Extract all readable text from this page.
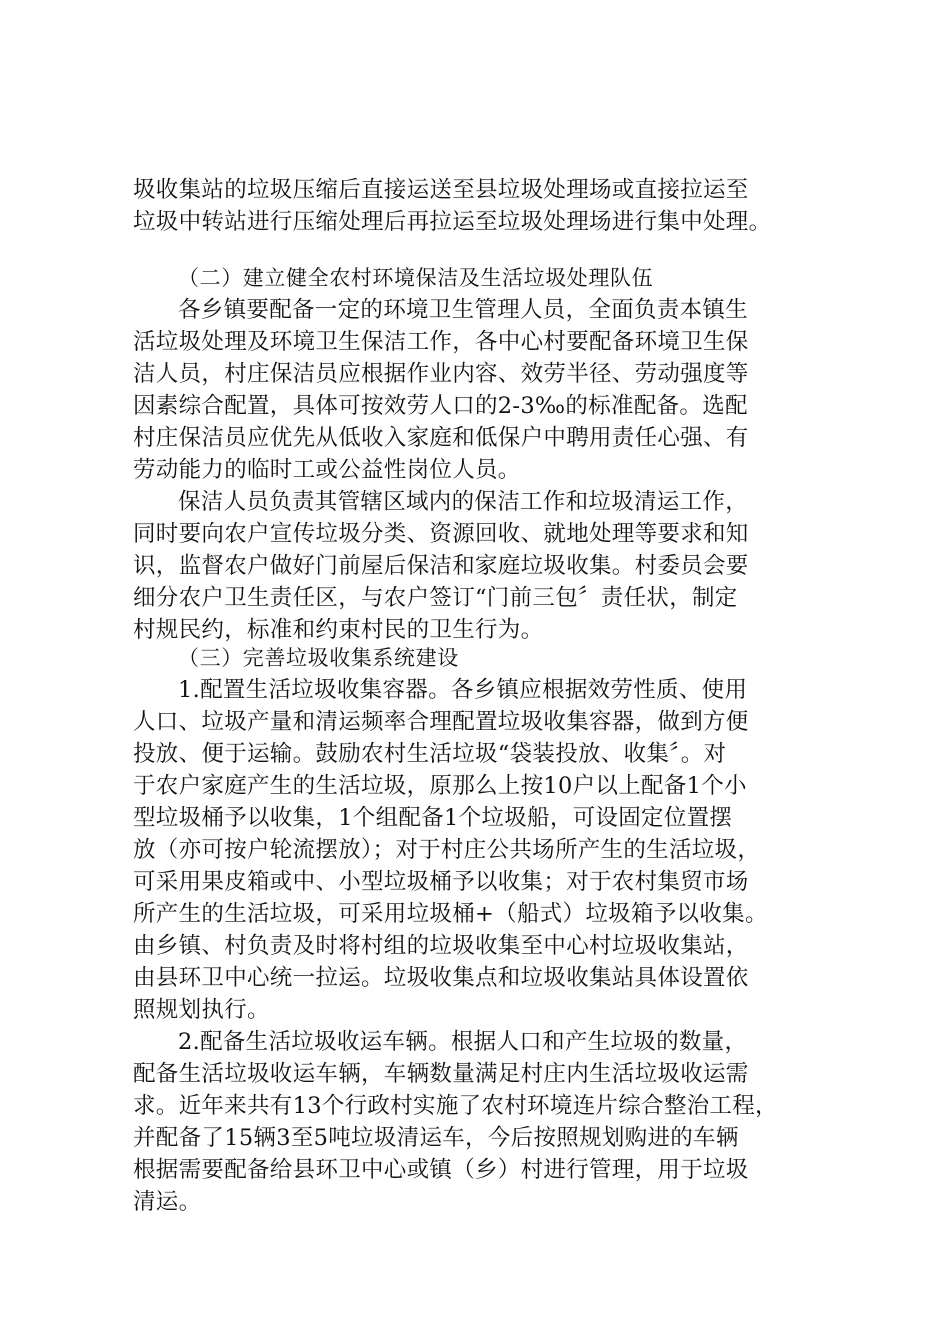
圾收集站的垃圾压缩后直接运送至县垃圾处理场或直接拉运至
垃圾中转站进行压缩处理后再拉运至垃圾处理场进行集中处理。
（二）建立健全农村环境保洁及生活垃圾处理队伍
各乡镇要配备一定的环境卫生管理人员，全面负责本镇生
活垃圾处理及环境卫生保洁工作，各中心村要配备环境卫生保
洁人员，村庄保洁员应根据作业内容、效劳半径、劳动强度等
因素综合配置，具体可按效劳人口的2-3‰的标准配备。选配
村庄保洁员应优先从低收入家庭和低保户中聘用责任心强、有
劳动能力的临时工或公益性岗位人员。
保洁人员负责其管辖区域内的保洁工作和垃圾清运工作，
同时要向农户宣传垃圾分类、资源回收、就地处理等要求和知
识，监督农户做好门前屋后保洁和家庭垃圾收集。村委员会要
细分农户卫生责任区，与农户签订“门前三包〞责任状，制定
村规民约，标准和约束村民的卫生行为。
（三）完善垃圾收集系统建设
1.配置生活垃圾收集容器。各乡镇应根据效劳性质、使用
人口、垃圾产量和清运频率合理配置垃圾收集容器，做到方便
投放、便于运输。鼓励农村生活垃圾“袋装投放、收集〞。对
于农户家庭产生的生活垃圾，原那么上按10户以上配备1个小
型垃圾桶予以收集，1个组配备1个垃圾船，可设固定位置摆
放（亦可按户轮流摆放）；对于村庄公共场所产生的生活垃圾，
可采用果皮箱或中、小型垃圾桶予以收集；对于农村集贸市场
所产生的生活垃圾，可采用垃圾桶+（船式）垃圾箱予以收集。
由乡镇、村负责及时将村组的垃圾收集至中心村垃圾收集站，
由县环卫中心统一拉运。垃圾收集点和垃圾收集站具体设置依
照规划执行。
2.配备生活垃圾收运车辆。根据人口和产生垃圾的数量，
配备生活垃圾收运车辆，车辆数量满足村庄内生活垃圾收运需
求。近年来共有13个行政村实施了农村环境连片综合整治工程，
并配备了15辆3至5吨垃圾清运车，今后按照规划购进的车辆
根据需要配备给县环卫中心或镇（乡）村进行管理，用于垃圾
清运。
